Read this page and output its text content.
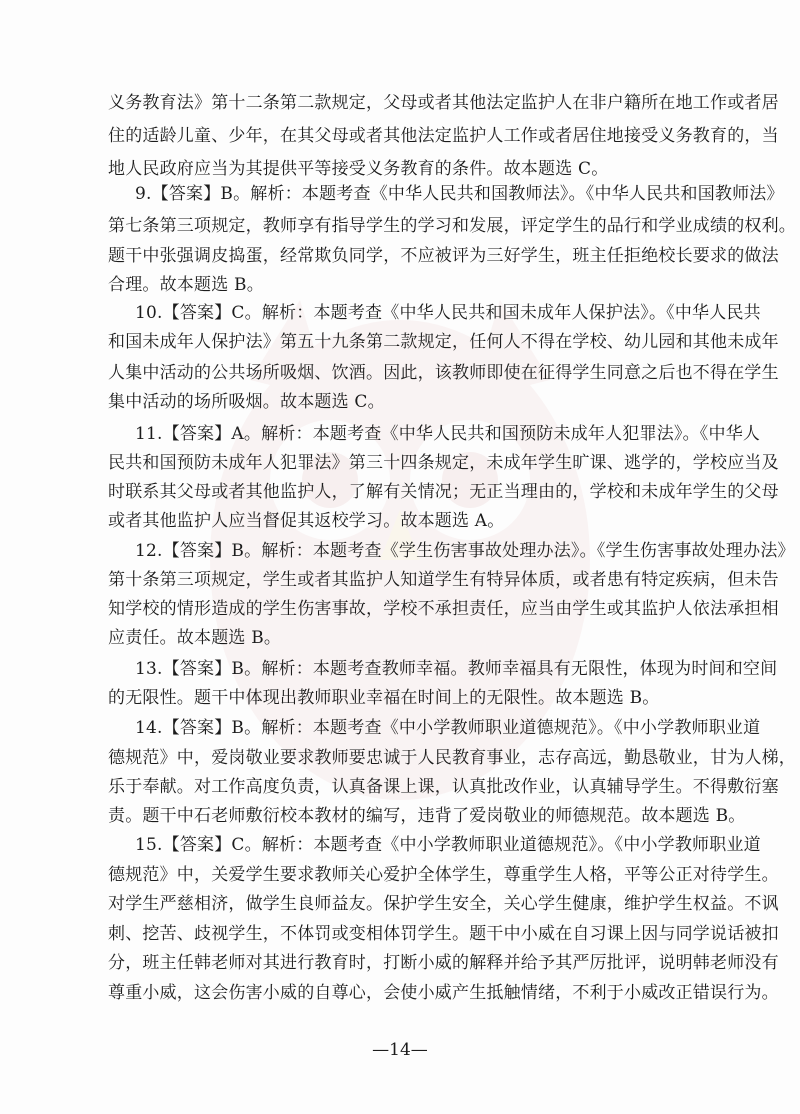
义务教育法》第十二条第二款规定，父母或者其他法定监护人在非户籍所在地工作或者居
住的适龄儿童、少年，在其父母或者其他法定监护人工作或者居住地接受义务教育的，当
地人民政府应当为其提供平等接受义务教育的条件。故本题选 C。
9.【答案】B。解析：本题考查《中华人民共和国教师法》。《中华人民共和国教师法》
第七条第三项规定，教师享有指导学生的学习和发展，评定学生的品行和学业成绩的权利。
题干中张强调皮捣蛋，经常欺负同学，不应被评为三好学生，班主任拒绝校长要求的做法
合理。故本题选 B。
10.【答案】C。解析：本题考查《中华人民共和国未成年人保护法》。《中华人民共
和国未成年人保护法》第五十九条第二款规定，任何人不得在学校、幼儿园和其他未成年
人集中活动的公共场所吸烟、饮酒。因此，该教师即使在征得学生同意之后也不得在学生
集中活动的场所吸烟。故本题选 C。
11.【答案】A。解析：本题考查《中华人民共和国预防未成年人犯罪法》。《中华人
民共和国预防未成年人犯罪法》第三十四条规定，未成年学生旷课、逃学的，学校应当及
时联系其父母或者其他监护人，了解有关情况；无正当理由的，学校和未成年学生的父母
或者其他监护人应当督促其返校学习。故本题选 A。
12.【答案】B。解析：本题考查《学生伤害事故处理办法》。《学生伤害事故处理办法》
第十条第三项规定，学生或者其监护人知道学生有特异体质，或者患有特定疾病，但未告
知学校的情形造成的学生伤害事故，学校不承担责任，应当由学生或其监护人依法承担相
应责任。故本题选 B。
13.【答案】B。解析：本题考查教师幸福。教师幸福具有无限性，体现为时间和空间
的无限性。题干中体现出教师职业幸福在时间上的无限性。故本题选 B。
14.【答案】B。解析：本题考查《中小学教师职业道德规范》。《中小学教师职业道
德规范》中，爱岗敬业要求教师要忠诚于人民教育事业，志存高远，勤恳敬业，甘为人梯，
乐于奉献。对工作高度负责，认真备课上课，认真批改作业，认真辅导学生。不得敷衍塞
责。题干中石老师敷衍校本教材的编写，违背了爱岗敬业的师德规范。故本题选 B。
15.【答案】C。解析：本题考查《中小学教师职业道德规范》。《中小学教师职业道
德规范》中，关爱学生要求教师关心爱护全体学生，尊重学生人格，平等公正对待学生。
对学生严慈相济，做学生良师益友。保护学生安全，关心学生健康，维护学生权益。不讽
刺、挖苦、歧视学生，不体罚或变相体罚学生。题干中小威在自习课上因与同学说话被扣
分，班主任韩老师对其进行教育时，打断小威的解释并给予其严厉批评，说明韩老师没有
尊重小威，这会伤害小威的自尊心，会使小威产生抵触情绪，不利于小威改正错误行为。
—14—
